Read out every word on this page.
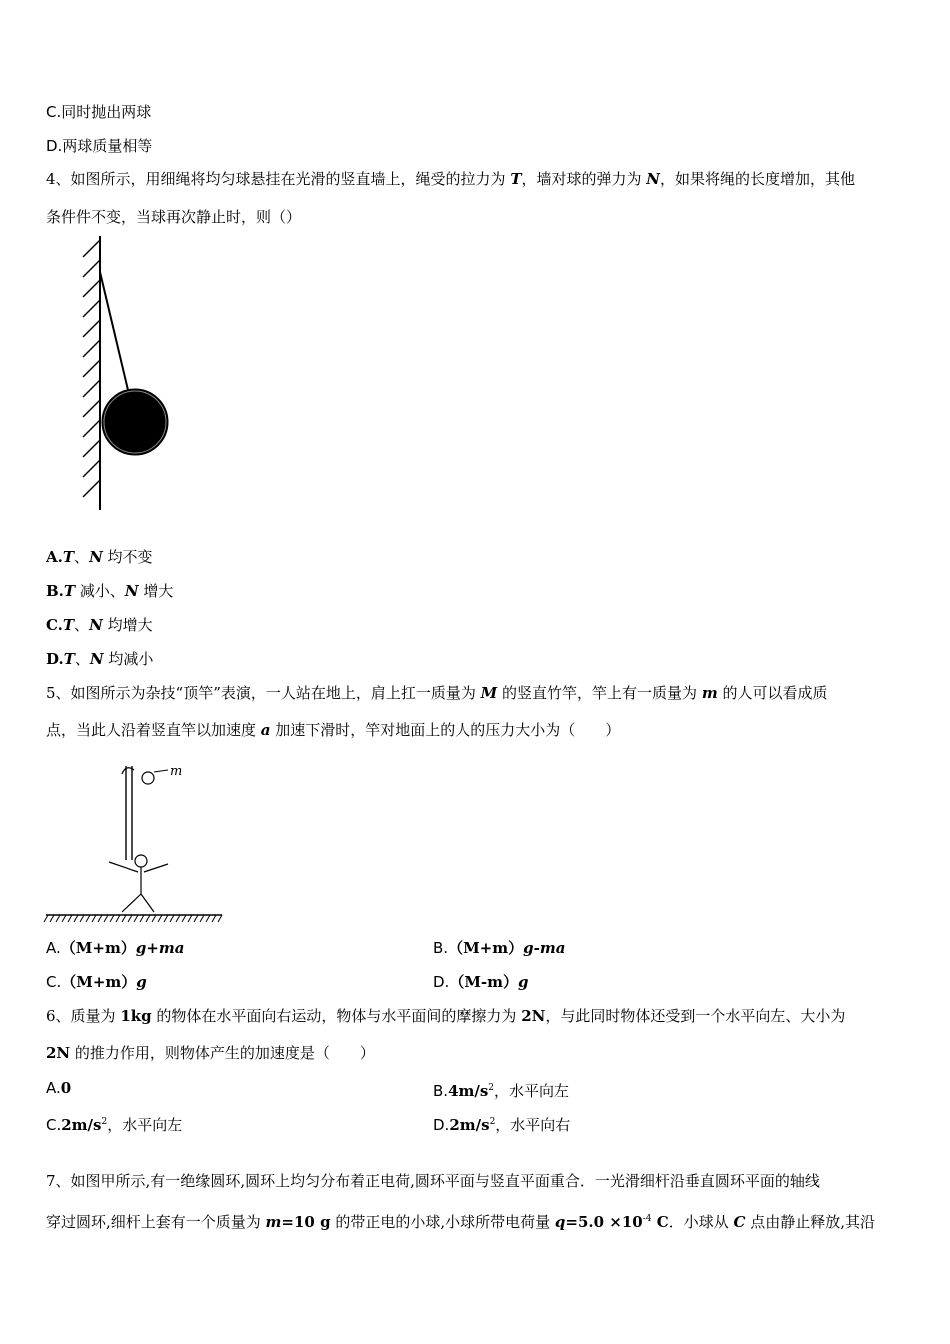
C.同时抛出两球
D.两球质量相等
4、如图所示，用细绳将均匀球悬挂在光滑的竖直墙上，绳受的拉力为 T，墙对球的弹力为 N，如果将绳的长度增加，其他
条件件不变，当球再次静止时，则（）
A.T、N 均不变
B.T 减小、N 增大
C.T、N 均增大
D.T、N 均减小
5、如图所示为杂技“顶竿”表演，一人站在地上，肩上扛一质量为 M 的竖直竹竿，竿上有一质量为 m 的人可以看成质
点，当此人沿着竖直竿以加速度 a 加速下滑时，竿对地面上的人的压力大小为（　　）
m
A.（M+m）g+ma	B.（M+m）g-ma
C.（M+m）g	D.（M-m）g
6、质量为 1kg 的物体在水平面向右运动，物体与水平面间的摩擦力为 2N，与此同时物体还受到一个水平向左、大小为
2N 的推力作用，则物体产生的加速度是（　　）
A.0	$B.4m/s^2$，水平向左
$C.2m/s^2$，水平向左	$D.2m/s^2$，水平向右
7、如图甲所示,有一绝缘圆环,圆环上均匀分布着正电荷,圆环平面与竖直平面重合．一光滑细杆沿垂直圆环平面的轴线
穿过圆环,细杆上套有一个质量为 m=10 g 的带正电的小球,小球所带电荷量 $q=5.0 \times 10^{-4}$ C．小球从 C 点由静止释放,其沿
